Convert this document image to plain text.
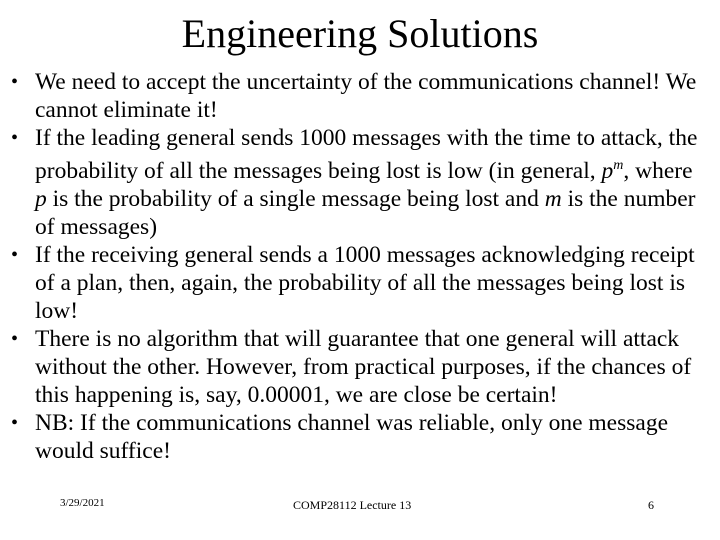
Engineering Solutions
• We need to accept the uncertainty of the communications channel! We cannot eliminate it!
• If the leading general sends 1000 messages with the time to attack, the probability of all the messages being lost is low (in general, $p^m$, where p is the probability of a single message being lost and m is the number of messages)
• If the receiving general sends a 1000 messages acknowledging receipt of a plan, then, again, the probability of all the messages being lost is low!
• There is no algorithm that will guarantee that one general will attack without the other. However, from practical purposes, if the chances of this happening is, say, 0.00001, we are close be certain!
• NB: If the communications channel was reliable, only one message would suffice!
3/29/2021	COMP28112 Lecture 13	6
